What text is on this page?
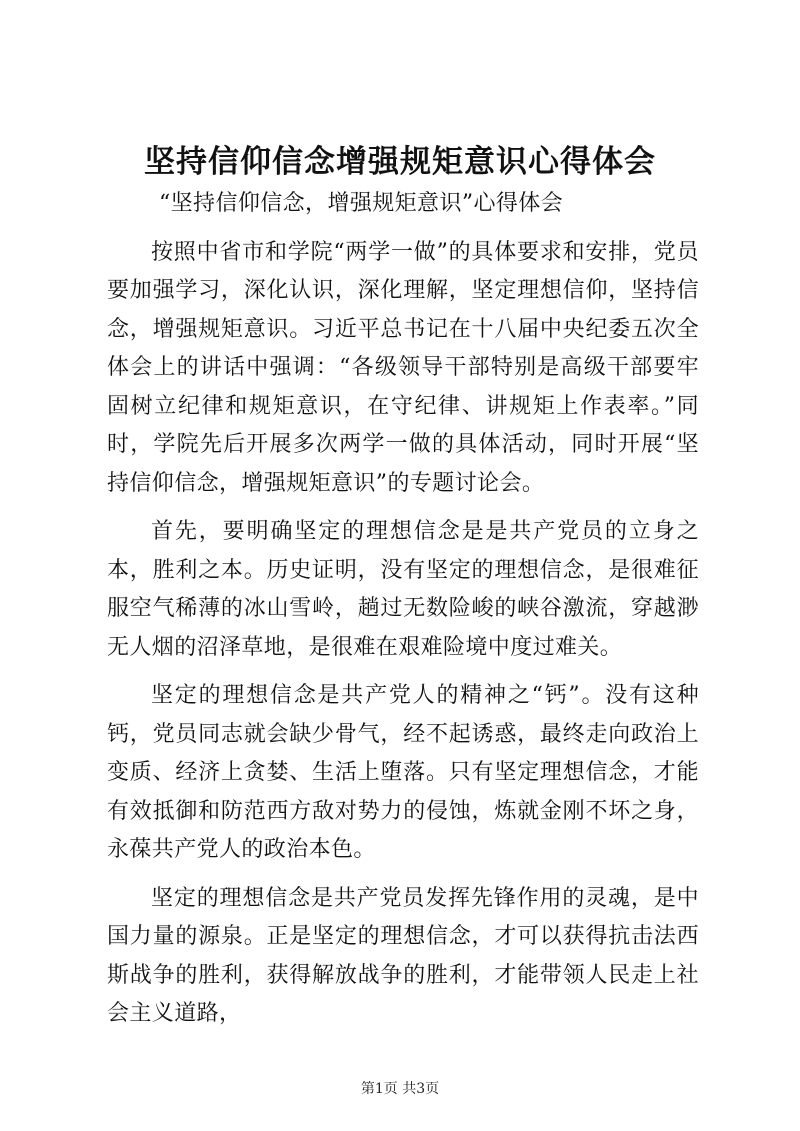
坚持信仰信念增强规矩意识心得体会

“坚持信仰信念，增强规矩意识”心得体会

按照中省市和学院“两学一做”的具体要求和安排，党员要加强学习，深化认识，深化理解，坚定理想信仰，坚持信念，增强规矩意识。习近平总书记在十八届中央纪委五次全体会上的讲话中强调：“各级领导干部特别是高级干部要牢固树立纪律和规矩意识，在守纪律、讲规矩上作表率。”同时，学院先后开展多次两学一做的具体活动，同时开展“坚持信仰信念，增强规矩意识”的专题讨论会。

首先，要明确坚定的理想信念是是共产党员的立身之本，胜利之本。历史证明，没有坚定的理想信念，是很难征服空气稀薄的冰山雪岭，趟过无数险峻的峡谷激流，穿越渺无人烟的沼泽草地，是很难在艰难险境中度过难关。

坚定的理想信念是共产党人的精神之“钙”。没有这种钙，党员同志就会缺少骨气，经不起诱惑，最终走向政治上变质、经济上贪婪、生活上堕落。只有坚定理想信念，才能有效抵御和防范西方敌对势力的侵蚀，炼就金刚不坏之身，永葆共产党人的政治本色。

坚定的理想信念是共产党员发挥先锋作用的灵魂，是中国力量的源泉。正是坚定的理想信念，才可以获得抗击法西斯战争的胜利，获得解放战争的胜利，才能带领人民走上社会主义道路，

第1页 共3页
